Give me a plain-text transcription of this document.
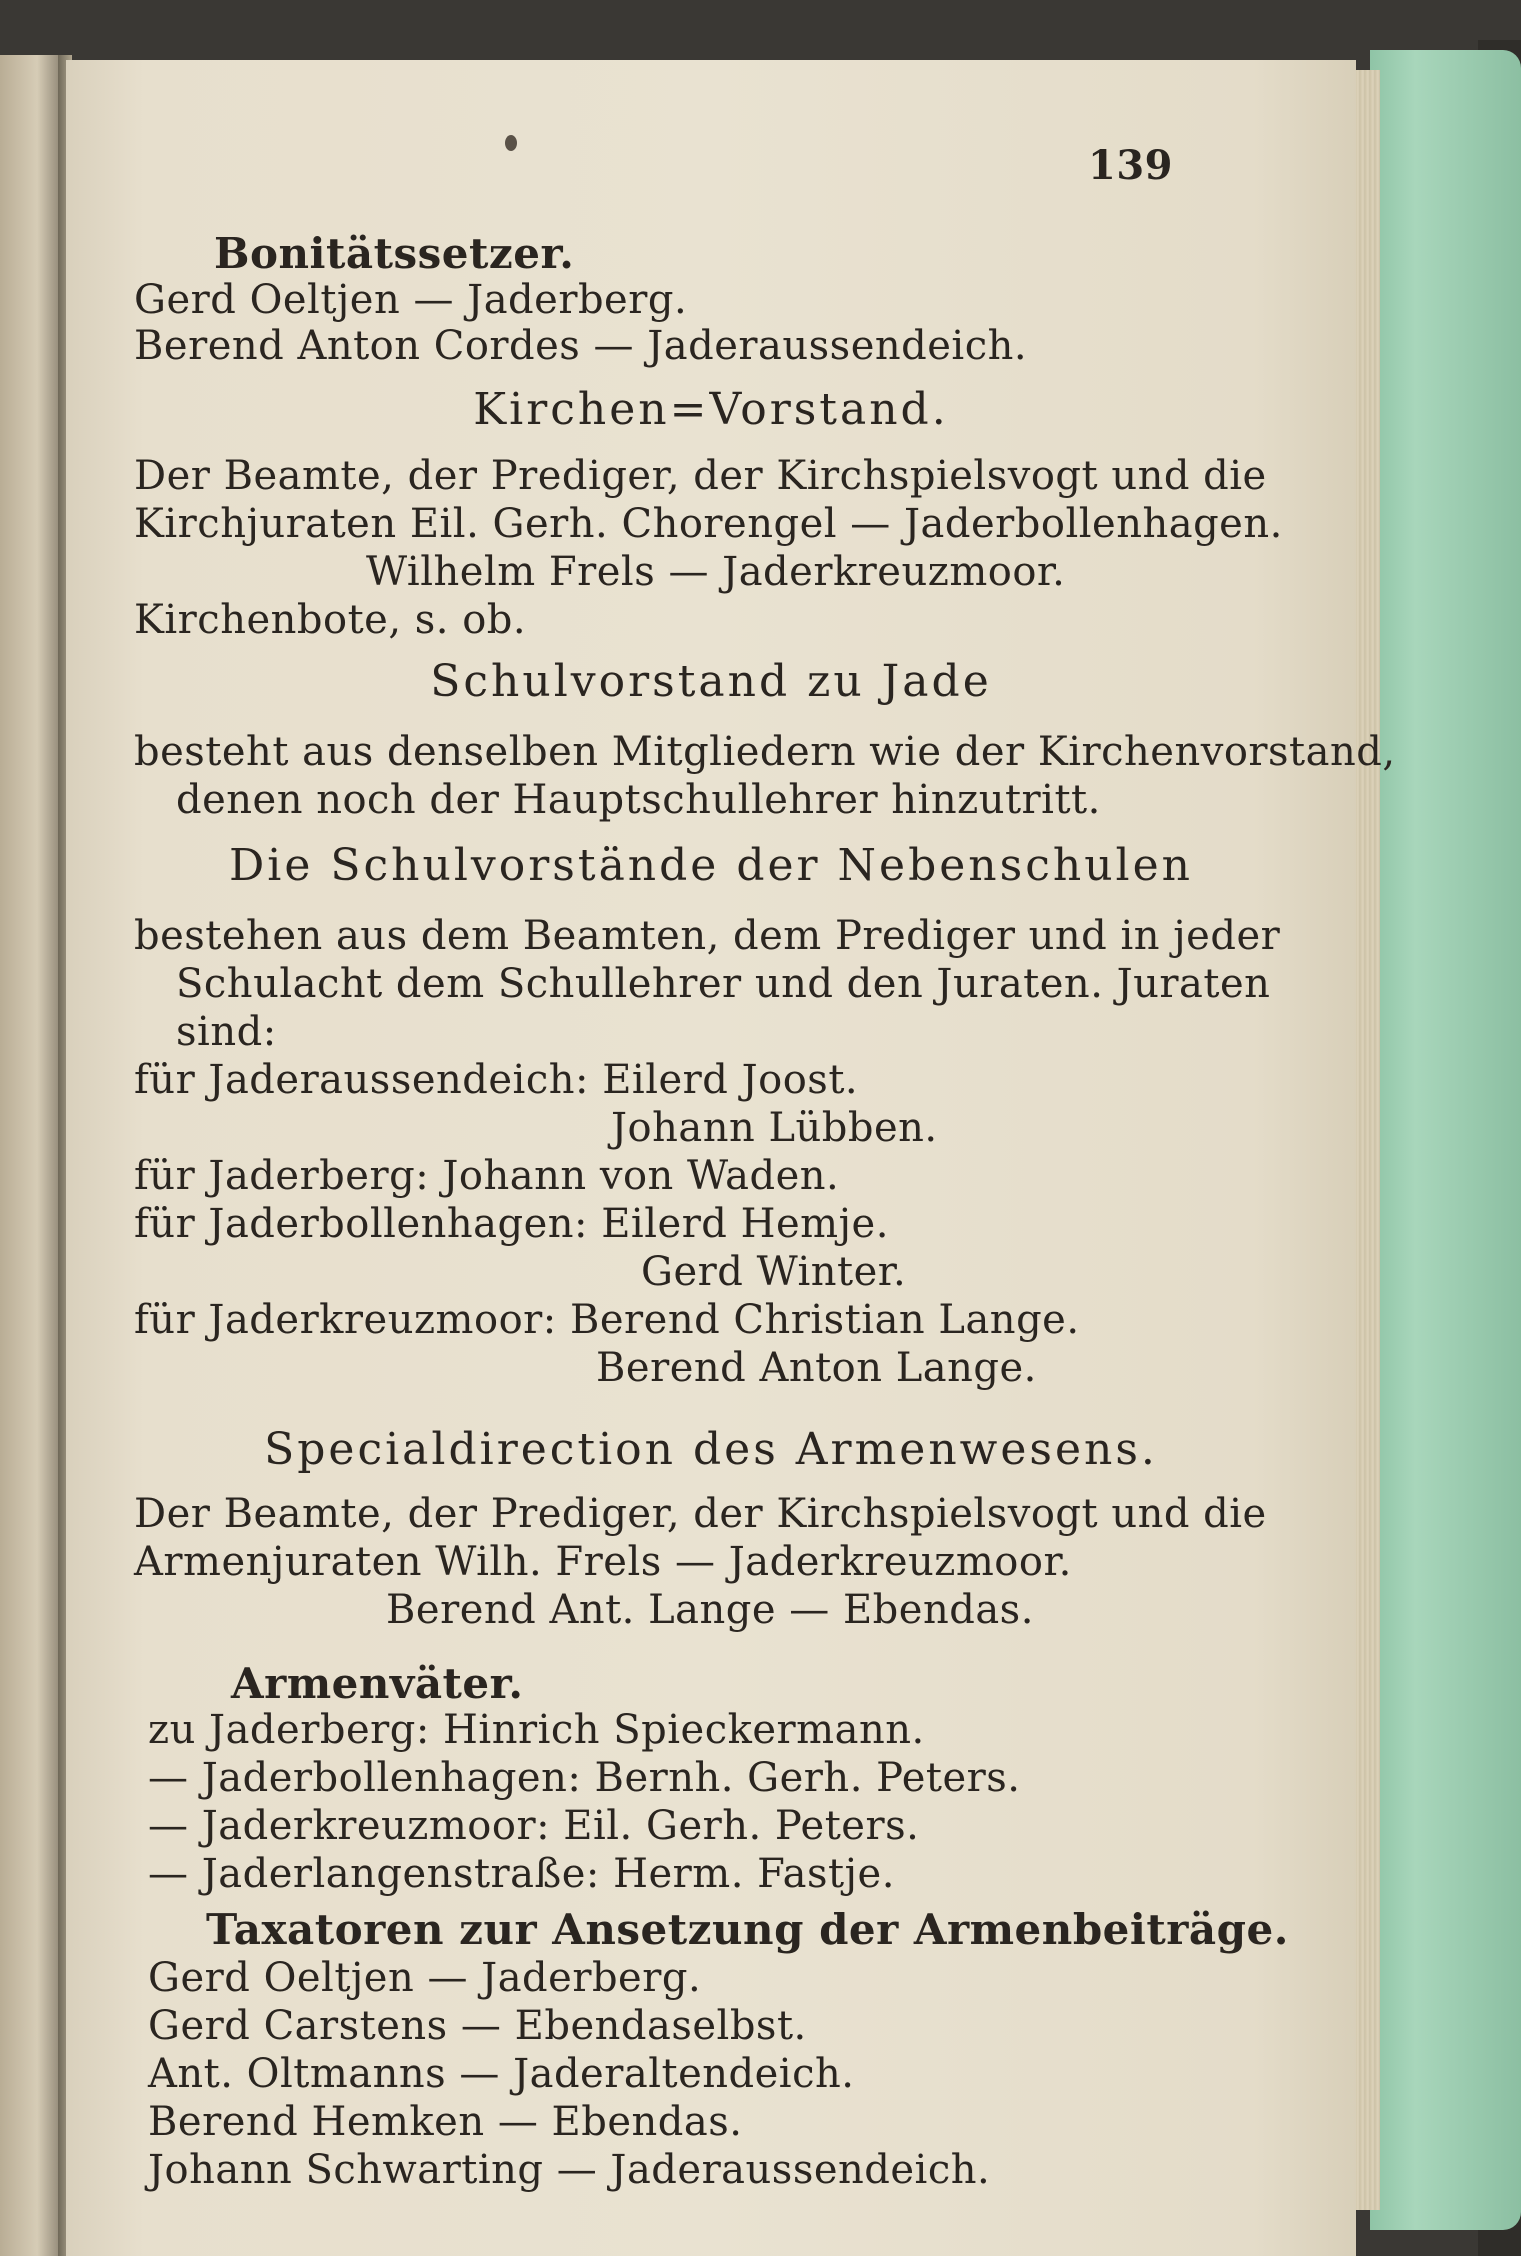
139
Bonitätssetzer.
Gerd Oeltjen — Jaderberg.
Berend Anton Cordes — Jaderaussendeich.
Kirchen=Vorstand.
Der Beamte, der Prediger, der Kirchspielsvogt und die
Kirchjuraten Eil. Gerh. Chorengel — Jaderbollenhagen.
Wilhelm Frels — Jaderkreuzmoor.
Kirchenbote, s. ob.
Schulvorstand zu Jade
besteht aus denselben Mitgliedern wie der Kirchenvorstand,
denen noch der Hauptschullehrer hinzutritt.
Die Schulvorstände der Nebenschulen
bestehen aus dem Beamten, dem Prediger und in jeder
Schulacht dem Schullehrer und den Juraten. Juraten
sind:
für Jaderaussendeich: Eilerd Joost.
Johann Lübben.
für Jaderberg: Johann von Waden.
für Jaderbollenhagen: Eilerd Hemje.
Gerd Winter.
für Jaderkreuzmoor: Berend Christian Lange.
Berend Anton Lange.
Specialdirection des Armenwesens.
Der Beamte, der Prediger, der Kirchspielsvogt und die
Armenjuraten Wilh. Frels — Jaderkreuzmoor.
Berend Ant. Lange — Ebendas.
Armenväter.
zu Jaderberg: Hinrich Spieckermann.
— Jaderbollenhagen: Bernh. Gerh. Peters.
— Jaderkreuzmoor: Eil. Gerh. Peters.
— Jaderlangenstraße: Herm. Fastje.
Taxatoren zur Ansetzung der Armenbeiträge.
Gerd Oeltjen — Jaderberg.
Gerd Carstens — Ebendaselbst.
Ant. Oltmanns — Jaderaltendeich.
Berend Hemken — Ebendas.
Johann Schwarting — Jaderaussendeich.
